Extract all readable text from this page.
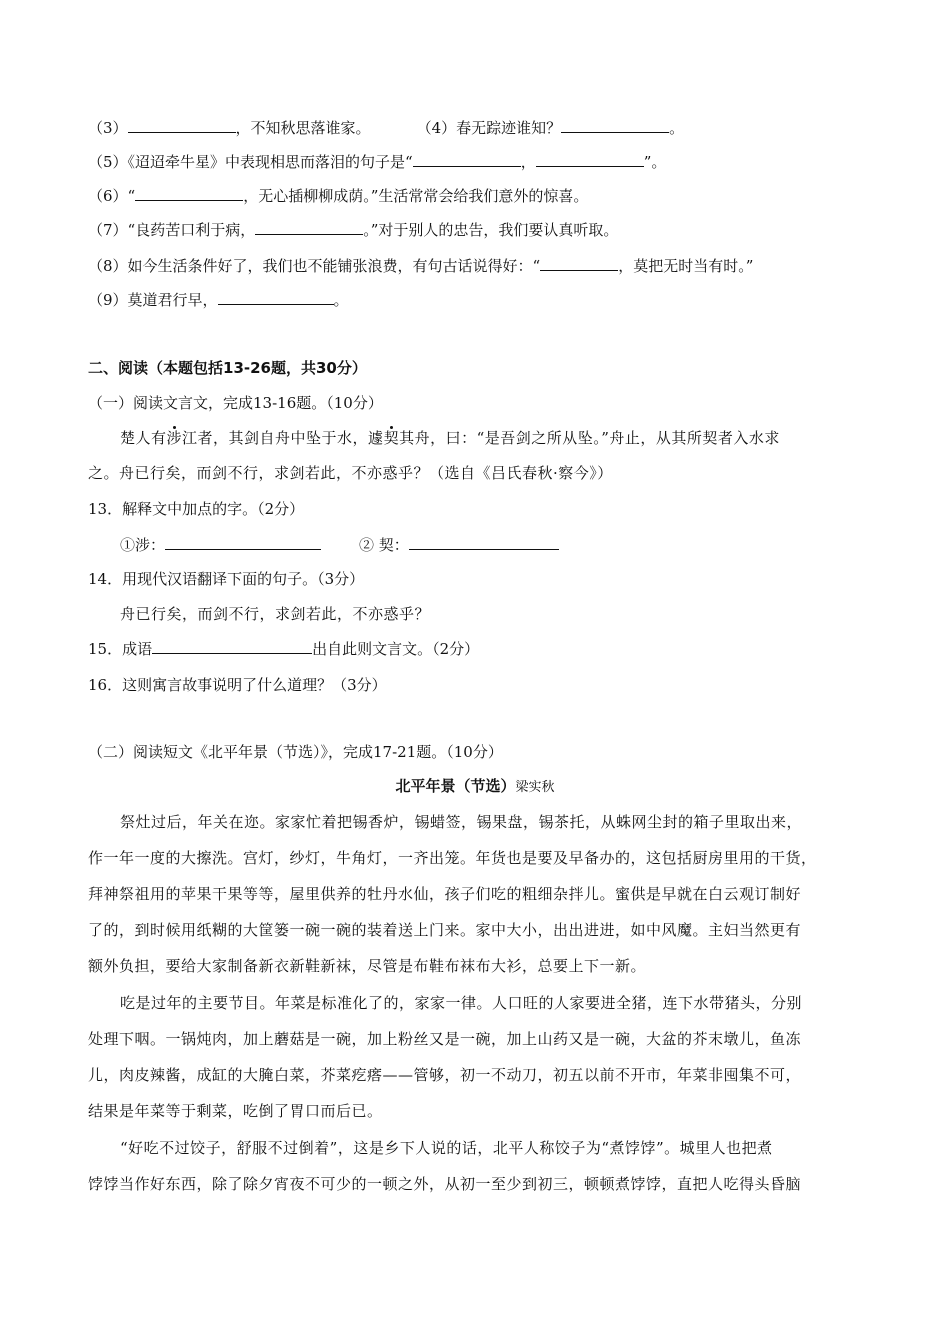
（3）	，不知秋思落谁家。	（4）春无踪迹谁知？	。
（5）《迢迢牵牛星》中表现相思而落泪的句子是“	，	”。
（6）“	，无心插柳柳成荫。”生活常常会给我们意外的惊喜。
（7）“良药苦口利于病，	。”对于别人的忠告，我们要认真听取。
（8）如今生活条件好了，我们也不能铺张浪费，有句古话说得好：“	，莫把无时当有时。”
（9）莫道君行早，	。
二、阅读（本题包括13-26题，共30分）
（一）阅读文言文，完成13-16题。（10分）
楚人有涉江者，其剑自舟中坠于水，遽契其舟，曰：“是吾剑之所从坠。”舟止，从其所契者入水求
之。舟已行矣，而剑不行，求剑若此，不亦惑乎？（选自《吕氏春秋·察今》）
13．解释文中加点的字。（2分）
①涉：	② 契：
14．用现代汉语翻译下面的句子。（3分）
舟已行矣，而剑不行，求剑若此，不亦惑乎？
15．成语	出自此则文言文。（2分）
16．这则寓言故事说明了什么道理？（3分）
（二）阅读短文《北平年景（节选）》，完成17-21题。（10分）
北平年景（节选）梁实秋
祭灶过后，年关在迩。家家忙着把锡香炉，锡蜡签，锡果盘，锡茶托，从蛛网尘封的箱子里取出来，
作一年一度的大擦洗。宫灯，纱灯，牛角灯，一齐出笼。年货也是要及早备办的，这包括厨房里用的干货，
拜神祭祖用的苹果干果等等，屋里供养的牡丹水仙，孩子们吃的粗细杂拌儿。蜜供是早就在白云观订制好
了的，到时候用纸糊的大筐篓一碗一碗的装着送上门来。家中大小，出出进进，如中风魔。主妇当然更有
额外负担，要给大家制备新衣新鞋新袜，尽管是布鞋布袜布大衫，总要上下一新。
吃是过年的主要节目。年菜是标准化了的，家家一律。人口旺的人家要进全猪，连下水带猪头，分别
处理下咽。一锅炖肉，加上蘑菇是一碗，加上粉丝又是一碗，加上山药又是一碗，大盆的芥末墩儿，鱼冻
儿，肉皮辣酱，成缸的大腌白菜，芥菜疙瘩——管够，初一不动刀，初五以前不开市，年菜非囤集不可，
结果是年菜等于剩菜，吃倒了胃口而后已。
“好吃不过饺子，舒服不过倒着”，这是乡下人说的话，北平人称饺子为“煮饽饽”。城里人也把煮
饽饽当作好东西，除了除夕宵夜不可少的一顿之外，从初一至少到初三，顿顿煮饽饽，直把人吃得头昏脑
